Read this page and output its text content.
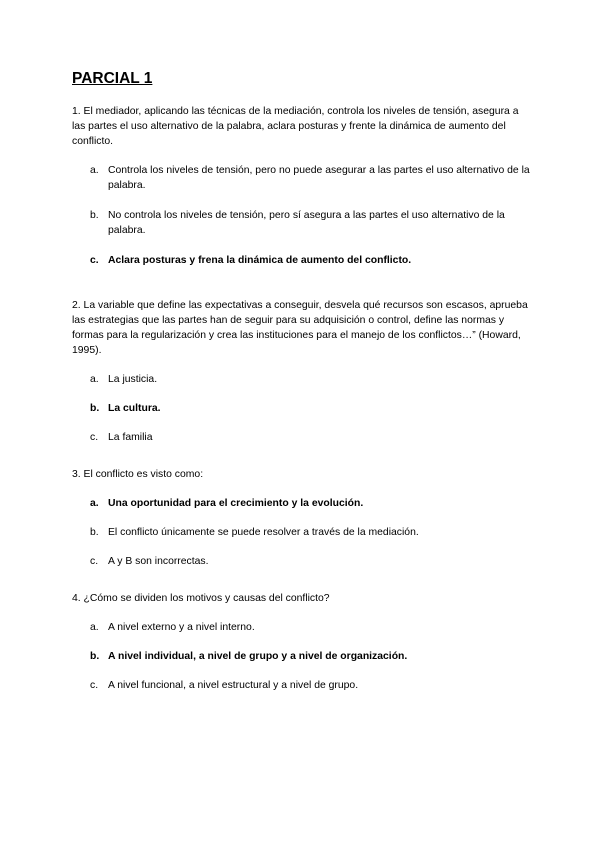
PARCIAL 1

1. El mediador, aplicando las técnicas de la mediación, controla los niveles de tensión, asegura a las partes el uso alternativo de la palabra, aclara posturas y frente la dinámica de aumento del conflicto.

a. Controla los niveles de tensión, pero no puede asegurar a las partes el uso alternativo de la palabra.
b. No controla los niveles de tensión, pero sí asegura a las partes el uso alternativo de la palabra.
c. Aclara posturas y frena la dinámica de aumento del conflicto.

2. La variable que define las expectativas a conseguir, desvela qué recursos son escasos, aprueba las estrategias que las partes han de seguir para su adquisición o control, define las normas y formas para la regularización y crea las instituciones para el manejo de los conflictos…” (Howard, 1995).

a. La justicia.
b. La cultura.
c. La familia

3. El conflicto es visto como:

a. Una oportunidad para el crecimiento y la evolución.
b. El conflicto únicamente se puede resolver a través de la mediación.
c. A y B son incorrectas.

4. ¿Cómo se dividen los motivos y causas del conflicto?

a. A nivel externo y a nivel interno.
b. A nivel individual, a nivel de grupo y a nivel de organización.
c. A nivel funcional, a nivel estructural y a nivel de grupo.
